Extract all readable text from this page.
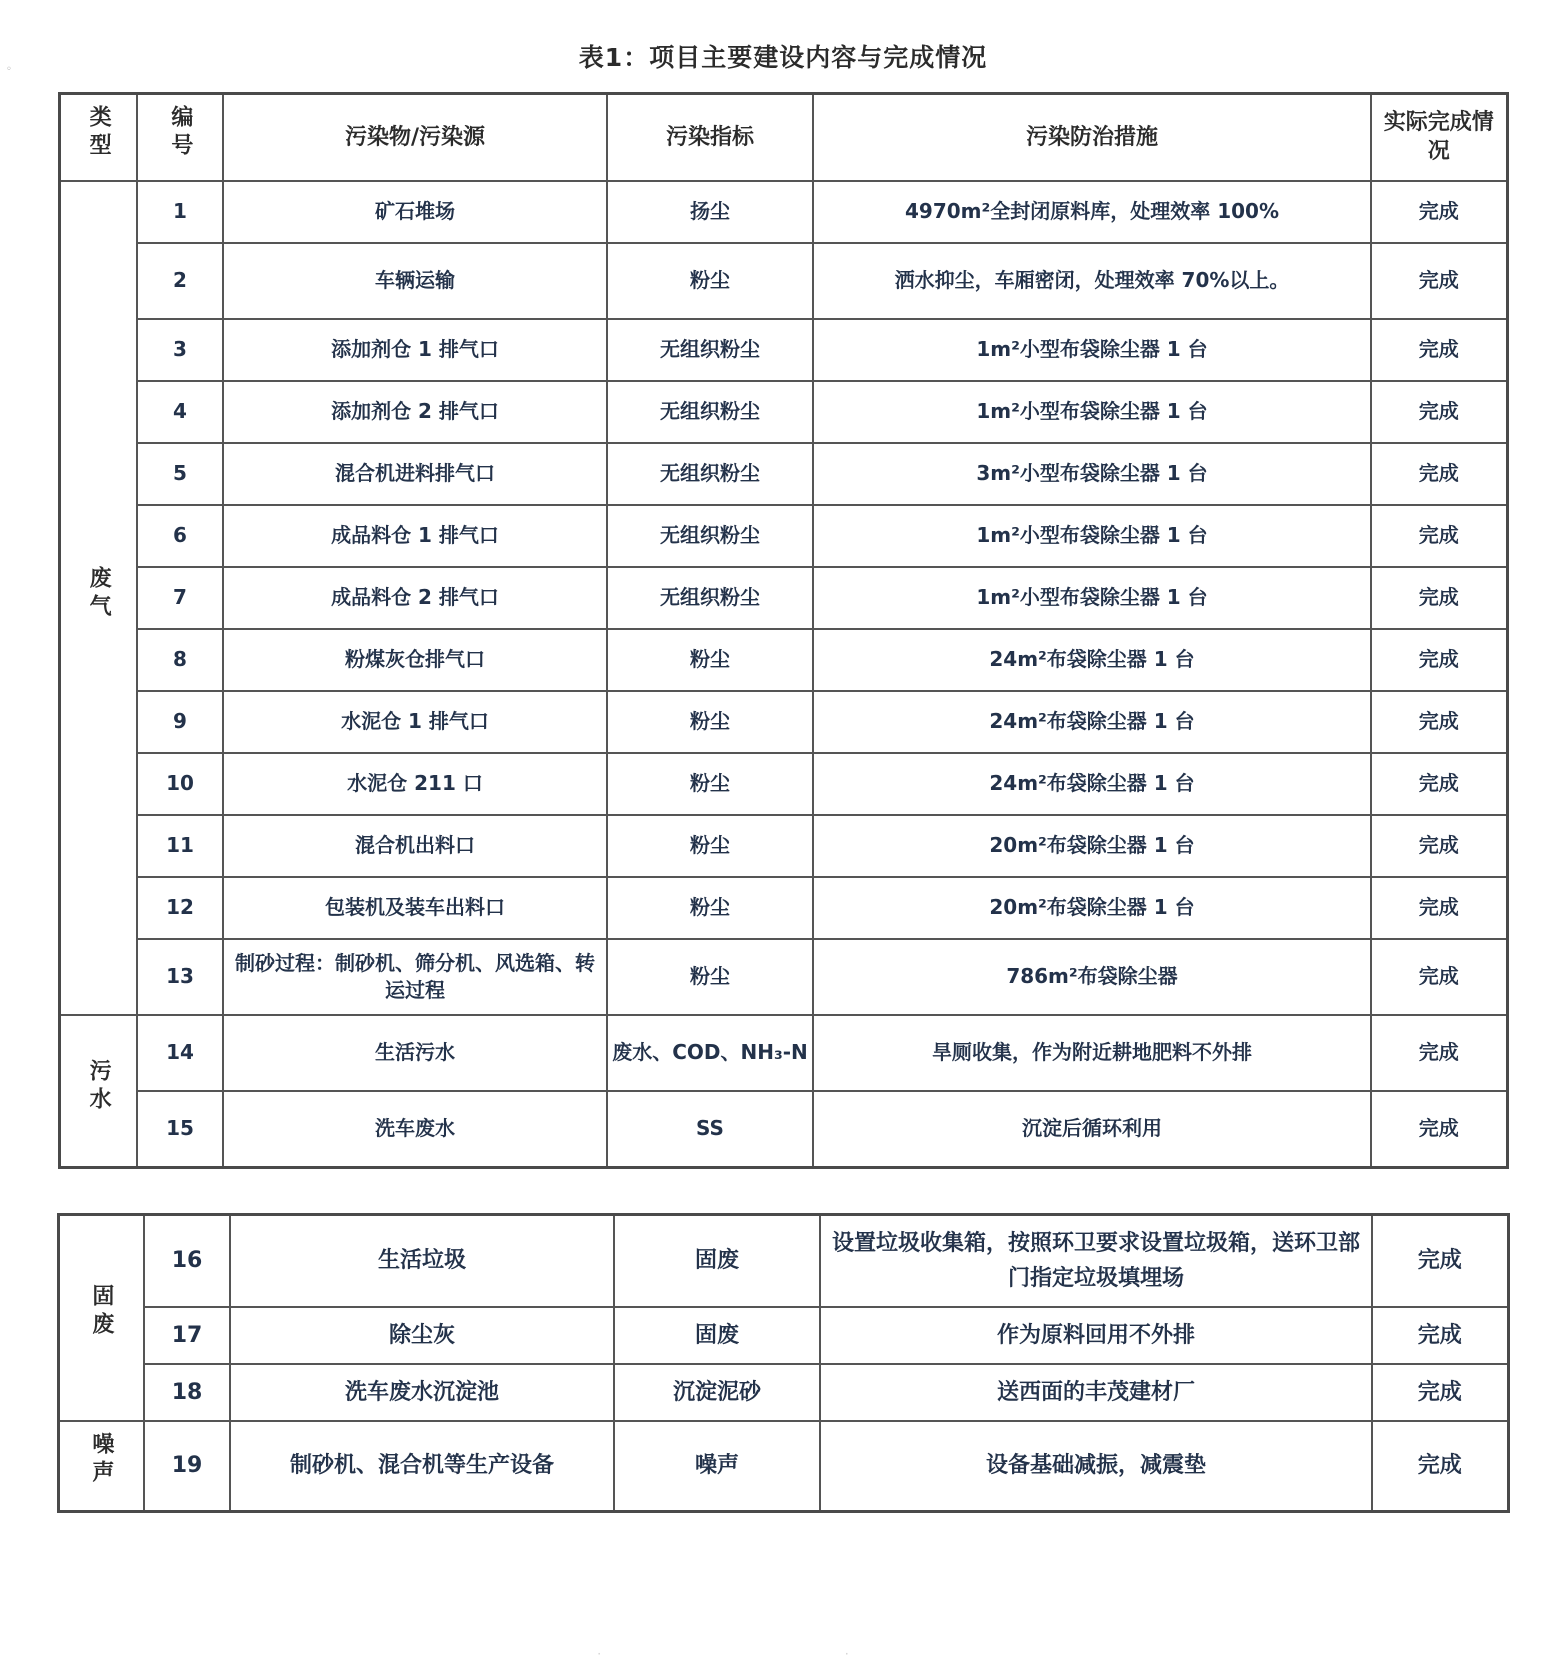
◦	表1：项目主要建设内容与完成情况
类型	编号	污染物/污染源	污染指标	污染防治措施	实际完成情况
废气	1	矿石堆场	扬尘	4970m²全封闭原料库，处理效率 100%	完成
	2	车辆运输	粉尘	洒水抑尘，车厢密闭，处理效率 70%以上。	完成
	3	添加剂仓 1 排气口	无组织粉尘	1m²小型布袋除尘器 1 台	完成
	4	添加剂仓 2 排气口	无组织粉尘	1m²小型布袋除尘器 1 台	完成
	5	混合机进料排气口	无组织粉尘	3m²小型布袋除尘器 1 台	完成
	6	成品料仓 1 排气口	无组织粉尘	1m²小型布袋除尘器 1 台	完成
	7	成品料仓 2 排气口	无组织粉尘	1m²小型布袋除尘器 1 台	完成
	8	粉煤灰仓排气口	粉尘	24m²布袋除尘器 1 台	完成
	9	水泥仓 1 排气口	粉尘	24m²布袋除尘器 1 台	完成
	10	水泥仓 211 口	粉尘	24m²布袋除尘器 1 台	完成
	11	混合机出料口	粉尘	20m²布袋除尘器 1 台	完成
	12	包装机及装车出料口	粉尘	20m²布袋除尘器 1 台	完成
	13	制砂过程：制砂机、筛分机、风选箱、转运过程	粉尘	786m²布袋除尘器	完成
污水	14	生活污水	废水、COD、NH₃-N	旱厕收集，作为附近耕地肥料不外排	完成
	15	洗车废水	SS	沉淀后循环利用	完成
固废	16	生活垃圾	固废	设置垃圾收集箱，按照环卫要求设置垃圾箱，送环卫部门指定垃圾填埋场	完成
	17	除尘灰	固废	作为原料回用不外排	完成
	18	洗车废水沉淀池	沉淀泥砂	送西面的丰茂建材厂	完成
噪声	19	制砂机、混合机等生产设备	噪声	设备基础减振，减震垫	完成
· ·
